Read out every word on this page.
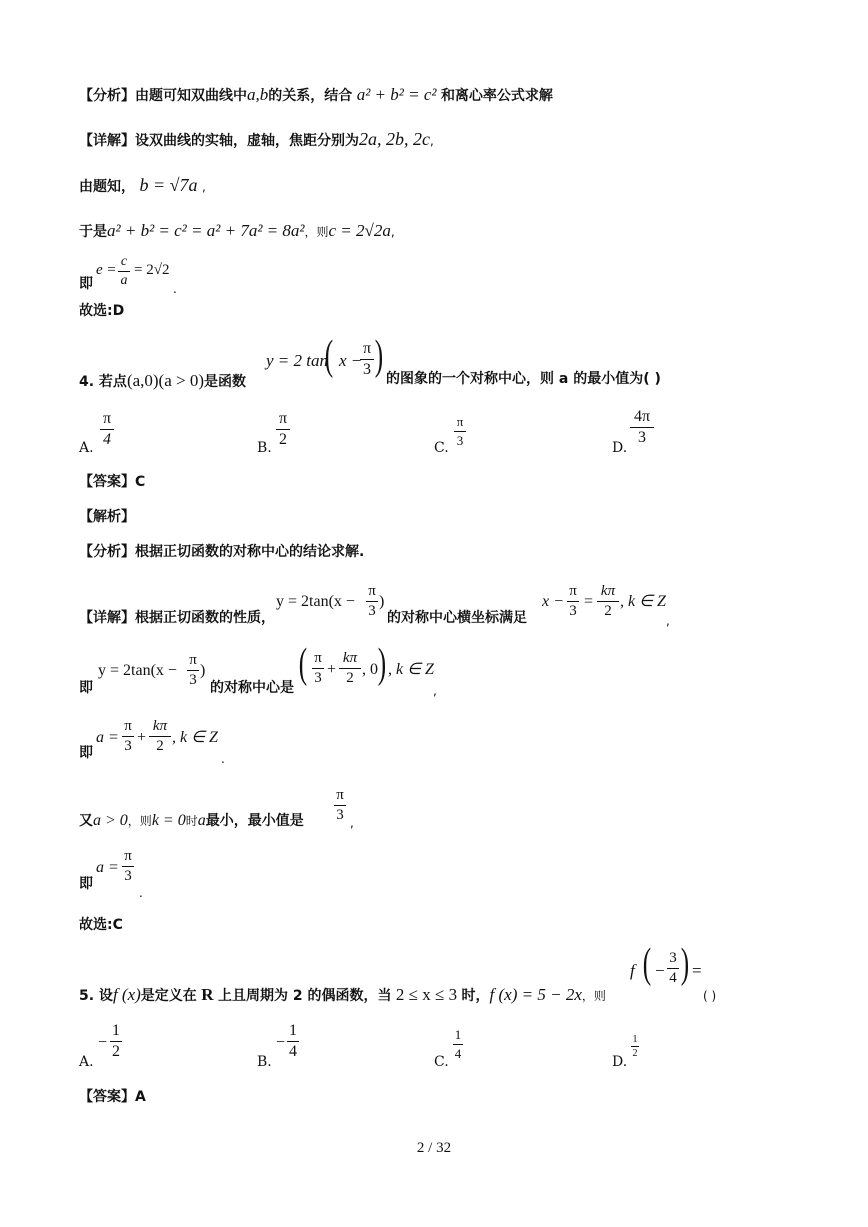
【分析】由题可知双曲线中a,b的关系，结合 a² + b² = c² 和离心率公式求解
【详解】设双曲线的实轴，虚轴，焦距分别为2a, 2b, 2c,
由题知， b = √7a ,
于是a² + b² = c² = a² + 7a² = 8a²，则c = 2√2a,
即
e =
c
a
= 2√2
.
故选:D
4. 若点(a,0)(a > 0)是函数
y = 2 tan
( x −
π
3 ) 的图象的一个对称中心，则 a 的最小值为( )
A.
π
4	B.
π
2	C.
π
3	D.
4π
3
【答案】C
【解析】
【分析】根据正切函数的对称中心的结论求解.
【详解】根据正切函数的性质，
y = 2tan(x −
π
3
)
的对称中心横坐标满足
x −
π
3
=
kπ
2
, k ∈ Z
,
即
y = 2tan(x −
π
3
)
的对称中心是
( π
3 +
kπ
2 , 0 ) , k ∈ Z
,
即
a =
π
3 +
kπ
2 , k ∈ Z
.
又a > 0，则k = 0时a最小，最小值是
π
3 ,
即
a =
π
3
.
故选:C
5. 设f (x)是定义在 R 上且周期为 2 的偶函数，当 2 ≤ x ≤ 3 时，f (x) = 5 − 2x，则
f ( −
3
4 ) =
( )
A.
−
1
2
B.
−
1
4
C.
1
4
D.
1
2
【答案】A
2 / 32
